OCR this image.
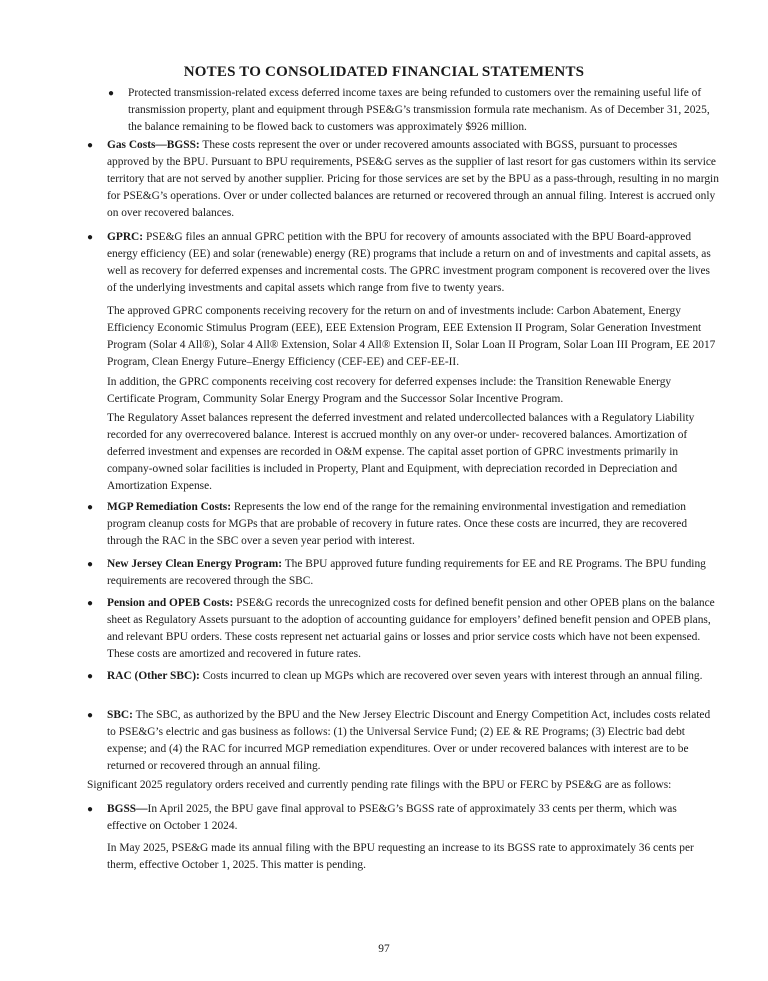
NOTES TO CONSOLIDATED FINANCIAL STATEMENTS
● Protected transmission-related excess deferred income taxes are being refunded to customers over the remaining useful life of transmission property, plant and equipment through PSE&G’s transmission formula rate mechanism. As of December 31, 2025, the balance remaining to be flowed back to customers was approximately $926 million.
● Gas Costs—BGSS: These costs represent the over or under recovered amounts associated with BGSS, pursuant to processes approved by the BPU. Pursuant to BPU requirements, PSE&G serves as the supplier of last resort for gas customers within its service territory that are not served by another supplier. Pricing for those services are set by the BPU as a pass-through, resulting in no margin for PSE&G’s operations. Over or under collected balances are returned or recovered through an annual filing. Interest is accrued only on over recovered balances.
● GPRC: PSE&G files an annual GPRC petition with the BPU for recovery of amounts associated with the BPU Board-approved energy efficiency (EE) and solar (renewable) energy (RE) programs that include a return on and of investments and capital assets, as well as recovery for deferred expenses and incremental costs. The GPRC investment program component is recovered over the lives of the underlying investments and capital assets which range from five to twenty years.
The approved GPRC components receiving recovery for the return on and of investments include: Carbon Abatement, Energy Efficiency Economic Stimulus Program (EEE), EEE Extension Program, EEE Extension II Program, Solar Generation Investment Program (Solar 4 All®), Solar 4 All® Extension, Solar 4 All® Extension II, Solar Loan II Program, Solar Loan III Program, EE 2017 Program, Clean Energy Future–Energy Efficiency (CEF-EE) and CEF-EE-II.
In addition, the GPRC components receiving cost recovery for deferred expenses include: the Transition Renewable Energy Certificate Program, Community Solar Energy Program and the Successor Solar Incentive Program.
The Regulatory Asset balances represent the deferred investment and related undercollected balances with a Regulatory Liability recorded for any overrecovered balance. Interest is accrued monthly on any over-or under- recovered balances. Amortization of deferred investment and expenses are recorded in O&M expense. The capital asset portion of GPRC investments primarily in company-owned solar facilities is included in Property, Plant and Equipment, with depreciation recorded in Depreciation and Amortization Expense.
● MGP Remediation Costs: Represents the low end of the range for the remaining environmental investigation and remediation program cleanup costs for MGPs that are probable of recovery in future rates. Once these costs are incurred, they are recovered through the RAC in the SBC over a seven year period with interest.
● New Jersey Clean Energy Program: The BPU approved future funding requirements for EE and RE Programs. The BPU funding requirements are recovered through the SBC.
● Pension and OPEB Costs: PSE&G records the unrecognized costs for defined benefit pension and other OPEB plans on the balance sheet as Regulatory Assets pursuant to the adoption of accounting guidance for employers’ defined benefit pension and OPEB plans, and relevant BPU orders. These costs represent net actuarial gains or losses and prior service costs which have not been expensed. These costs are amortized and recovered in future rates.
● RAC (Other SBC): Costs incurred to clean up MGPs which are recovered over seven years with interest through an annual filing.
● SBC: The SBC, as authorized by the BPU and the New Jersey Electric Discount and Energy Competition Act, includes costs related to PSE&G’s electric and gas business as follows: (1) the Universal Service Fund; (2) EE & RE Programs; (3) Electric bad debt expense; and (4) the RAC for incurred MGP remediation expenditures. Over or under recovered balances with interest are to be returned or recovered through an annual filing.
Significant 2025 regulatory orders received and currently pending rate filings with the BPU or FERC by PSE&G are as follows:
● BGSS—In April 2025, the BPU gave final approval to PSE&G’s BGSS rate of approximately 33 cents per therm, which was effective on October 1 2024.
In May 2025, PSE&G made its annual filing with the BPU requesting an increase to its BGSS rate to approximately 36 cents per therm, effective October 1, 2025. This matter is pending.
97
